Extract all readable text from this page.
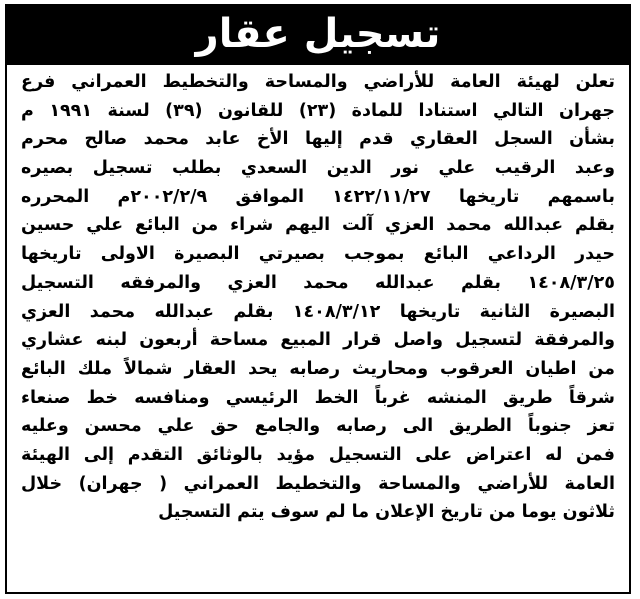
تسجيل عقار
تعلن لهيئة العامة للأراضي والمساحة والتخطيط العمراني فرع
جهران التالي استنادا للمادة (٢٣) للقانون (٣٩) لسنة ١٩٩١ م
بشأن السجل العقاري قدم إليها الأخ عابد محمد صالح محرم
وعبد الرقيب علي نور الدين السعدي بطلب تسجيل بصيره
باسمهم تاريخها ١٤٢٢/١١/٢٧ الموافق ٢٠٠٢/٢/٩م المحرره
بقلم عبدالله محمد العزي آلت اليهم شراء من البائع علي حسين
حيدر الرداعي البائع بموجب بصيرتي البصيرة الاولى تاريخها
١٤٠٨/٣/٢٥ بقلم عبدالله محمد العزي والمرفقه التسجيل
البصيرة الثانية تاريخها ١٤٠٨/٣/١٢ بقلم عبدالله محمد العزي
والمرفقة لتسجيل واصل قرار المبيع مساحة أربعون لبنه عشاري
من اطيان العرقوب ومحاريث رصابه يحد العقار شمالاً ملك البائع
شرقاً طريق المنشه غرباً الخط الرئيسي ومنافسه خط صنعاء
تعز جنوباً الطريق الى رصابه والجامع حق علي محسن وعليه
فمن له اعتراض على التسجيل مؤيد بالوثائق التقدم إلى الهيئة
العامة للأراضي والمساحة والتخطيط العمراني ( جهران) خلال
ثلاثون يوما من تاريخ الإعلان ما لم سوف يتم التسجيل
